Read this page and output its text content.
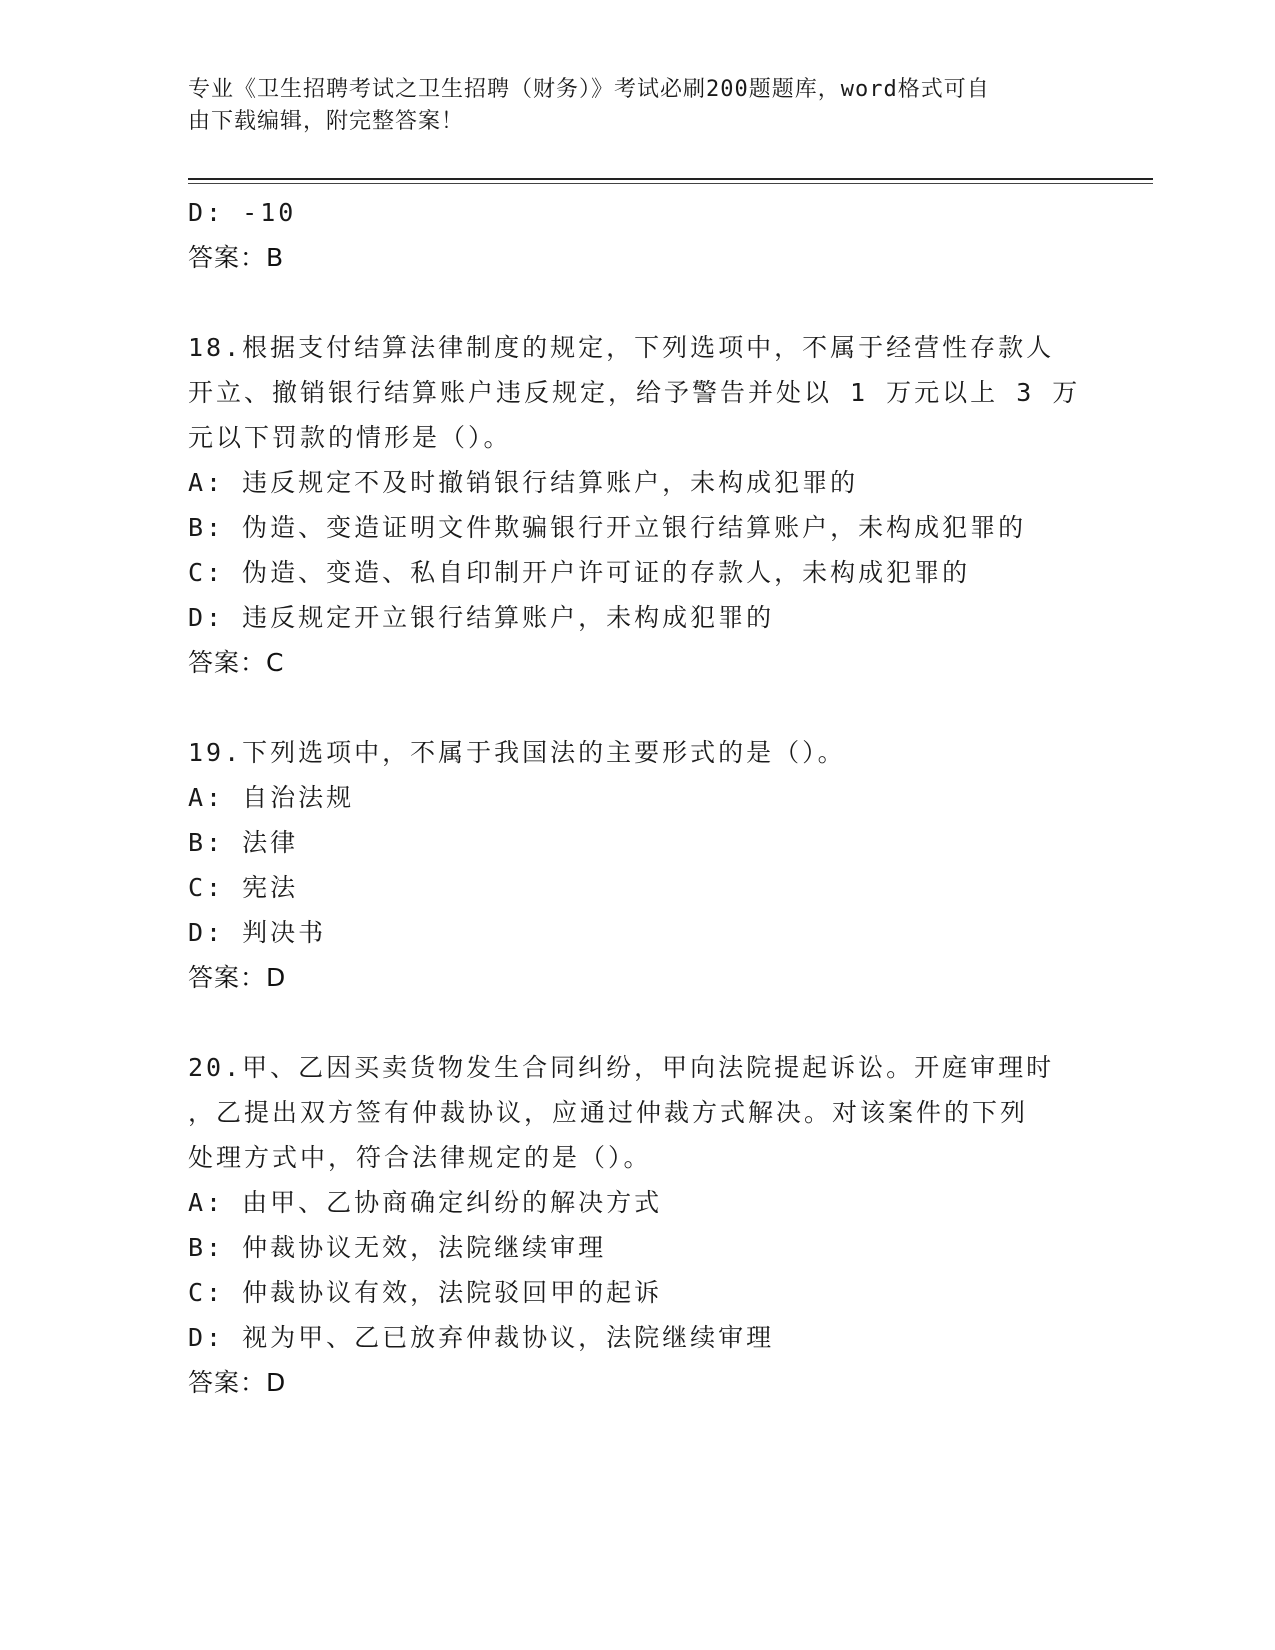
专业《卫生招聘考试之卫生招聘（财务）》考试必刷200题题库，word格式可自
由下载编辑，附完整答案！
D: -10
答案：B
18.根据支付结算法律制度的规定，下列选项中，不属于经营性存款人
开立、撤销银行结算账户违反规定，给予警告并处以 1 万元以上 3 万
元以下罚款的情形是（）。
A: 违反规定不及时撤销银行结算账户，未构成犯罪的
B: 伪造、变造证明文件欺骗银行开立银行结算账户，未构成犯罪的
C: 伪造、变造、私自印制开户许可证的存款人，未构成犯罪的
D: 违反规定开立银行结算账户，未构成犯罪的
答案：C
19.下列选项中，不属于我国法的主要形式的是（）。
A: 自治法规
B: 法律
C: 宪法
D: 判决书
答案：D
20.甲、乙因买卖货物发生合同纠纷，甲向法院提起诉讼。开庭审理时
，乙提出双方签有仲裁协议，应通过仲裁方式解决。对该案件的下列
处理方式中，符合法律规定的是（）。
A: 由甲、乙协商确定纠纷的解决方式
B: 仲裁协议无效，法院继续审理
C: 仲裁协议有效，法院驳回甲的起诉
D: 视为甲、乙已放弃仲裁协议，法院继续审理
答案：D
